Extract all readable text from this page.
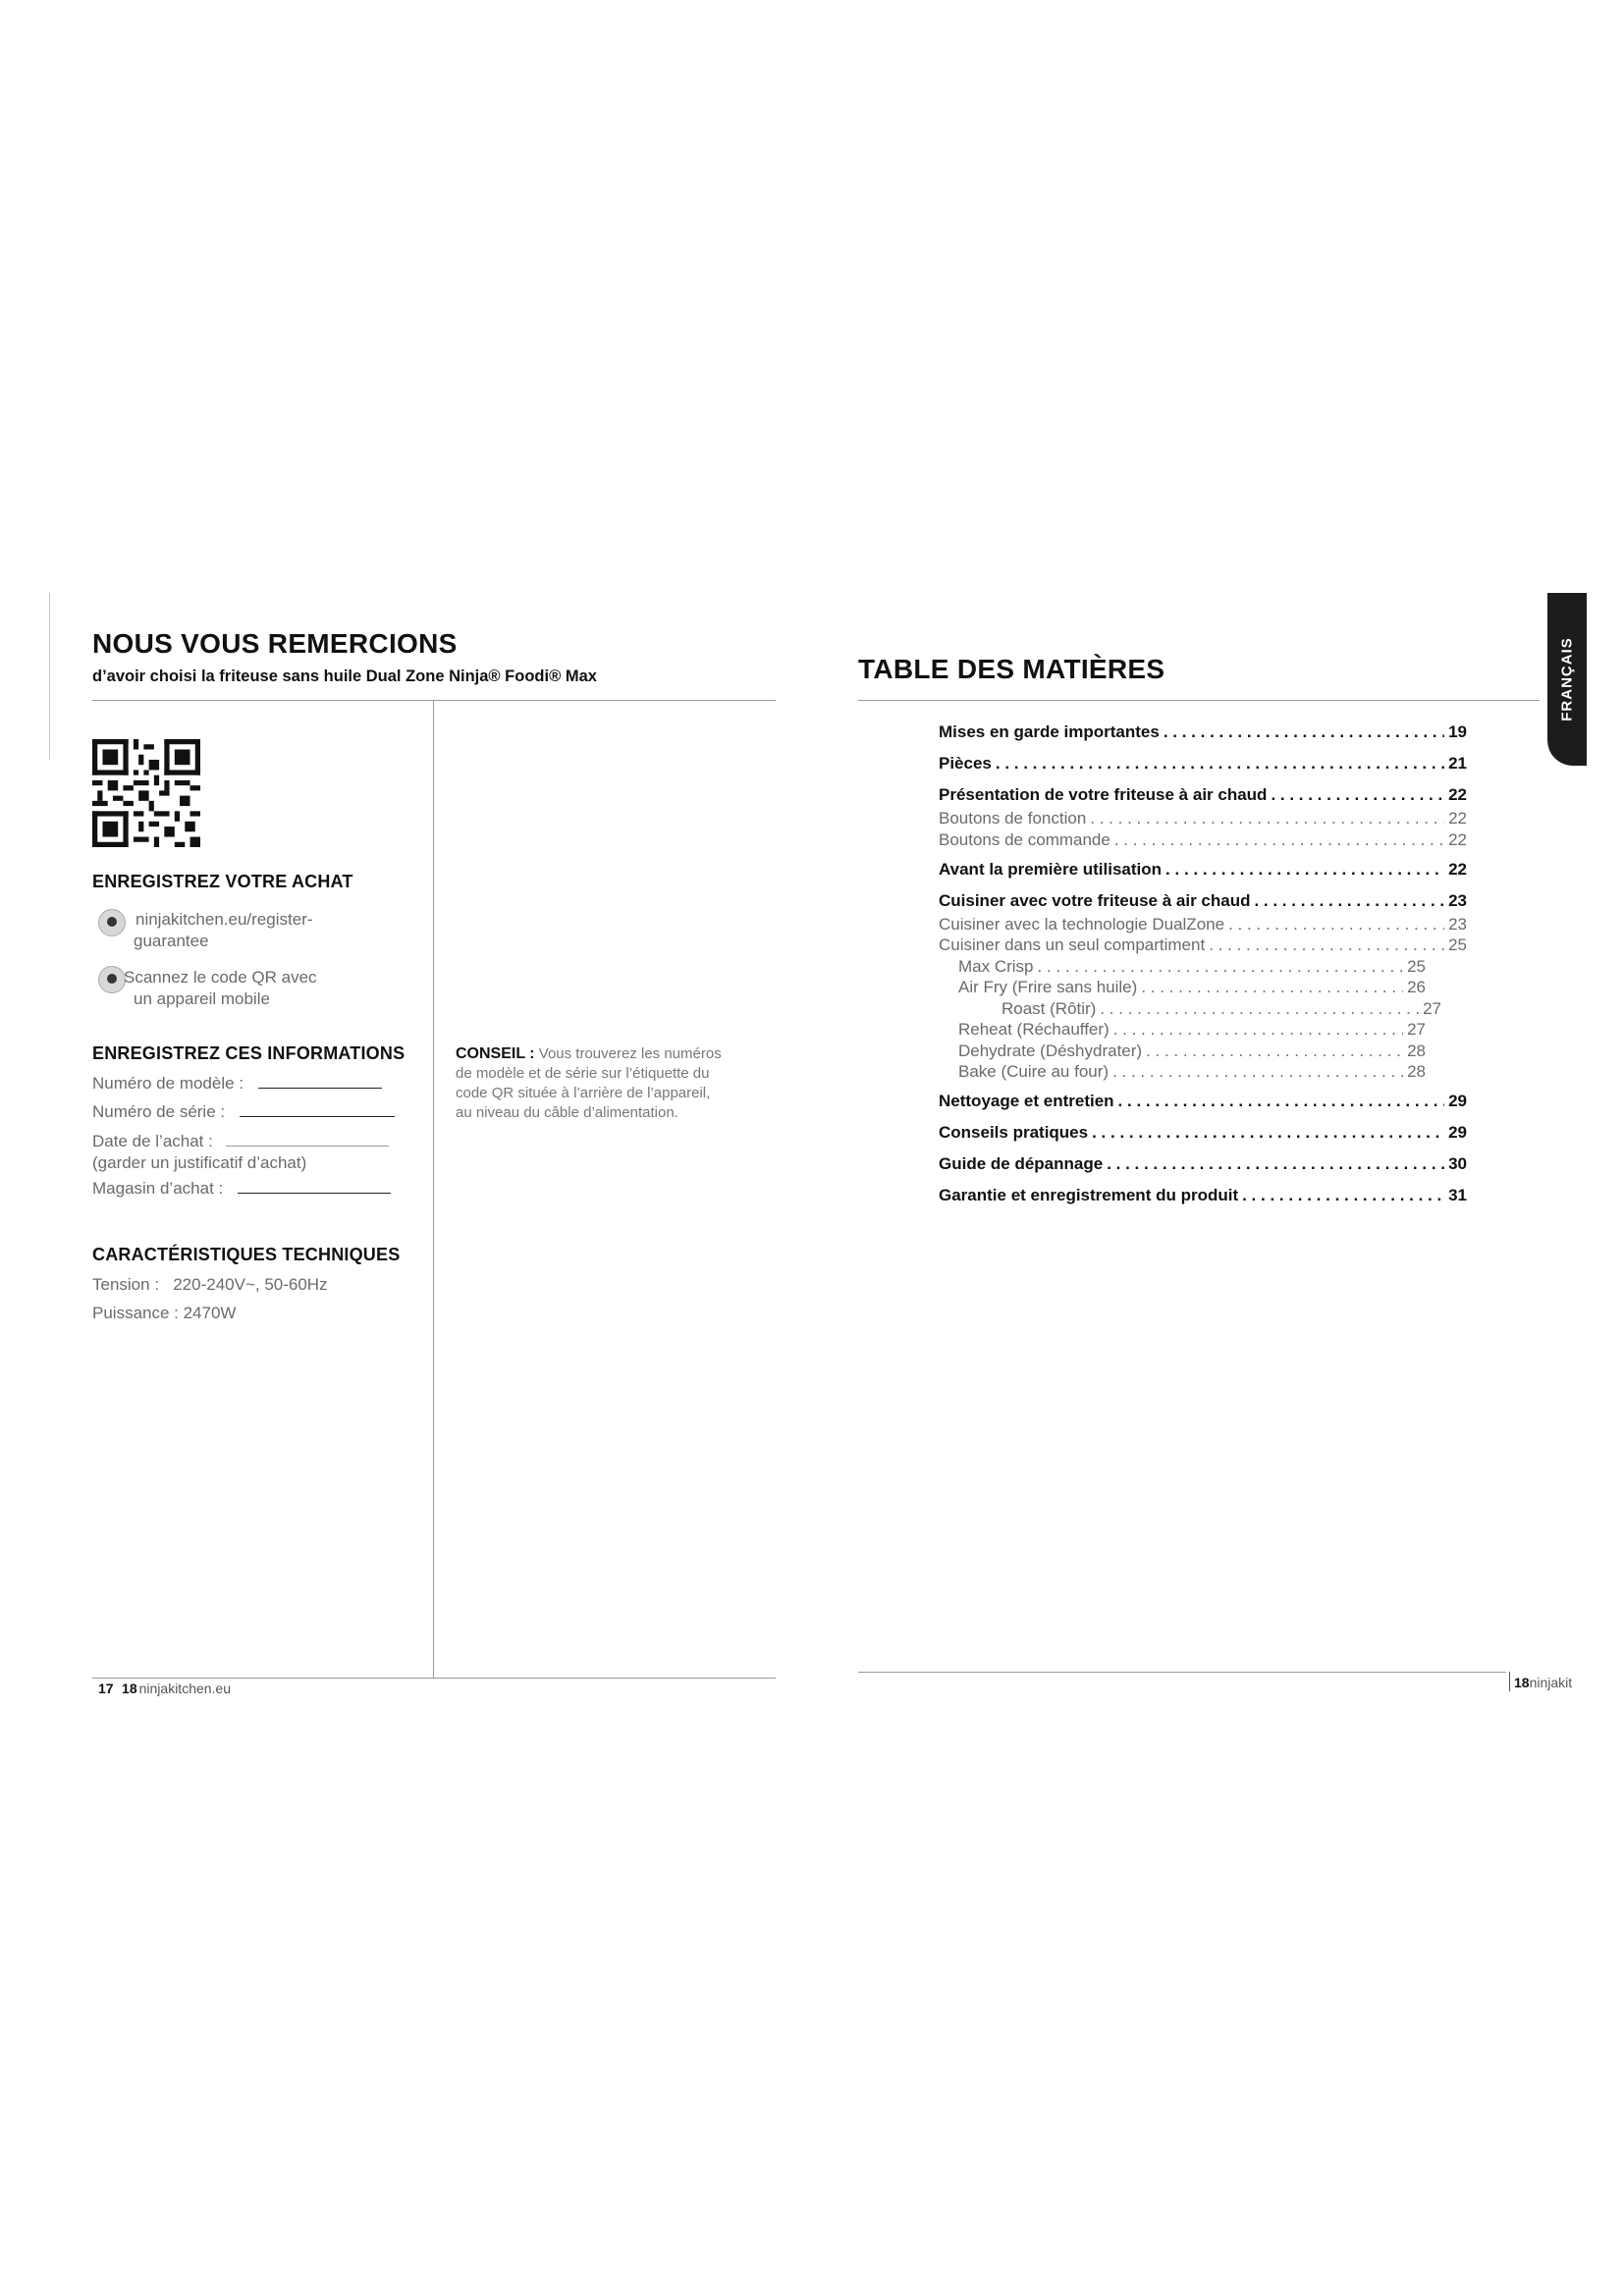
NOUS VOUS REMERCIONS
d’avoir choisi la friteuse sans huile Dual Zone Ninja® Foodi® Max
ENREGISTREZ VOTRE ACHAT
ninjakitchen.eu/register-
guarantee
Scannez le code QR avec
un appareil mobile
ENREGISTREZ CES INFORMATIONS
Numéro de modèle :
Numéro de série :
Date de l’achat :
(garder un justificatif d’achat)
Magasin d’achat :
CARACTÉRISTIQUES TECHNIQUES
Tension :   220-240V~, 50-60Hz
Puissance : 2470W
CONSEIL : Vous trouverez les numéros
de modèle et de série sur l’étiquette du
code QR située à l’arrière de l’appareil,
au niveau du câble d’alimentation.
17 18 ninjakitchen.eu
TABLE DES MATIÈRES	FRANÇAIS
Mises en garde importantes . . .	19
Pièces . . .	21
Présentation de votre friteuse à air chaud . . .	22
Boutons de fonction . . .	22
Boutons de commande . . .	22
Avant la première utilisation . . .	22
Cuisiner avec votre friteuse à air chaud . . .	23
Cuisiner avec la technologie DualZone . . .	23
Cuisiner dans un seul compartiment . . .	25
Max Crisp . . .	25
Air Fry (Frire sans huile) . . .	26
Roast (Rôtir) . . .	27
Reheat (Réchauffer) . . .	27
Dehydrate (Déshydrater) . . .	28
Bake (Cuire au four) . . .	28
Nettoyage et entretien . . .	29
Conseils pratiques . . .	29
Guide de dépannage . . .	30
Garantie et enregistrement du produit . . .	31
18ninjakit
